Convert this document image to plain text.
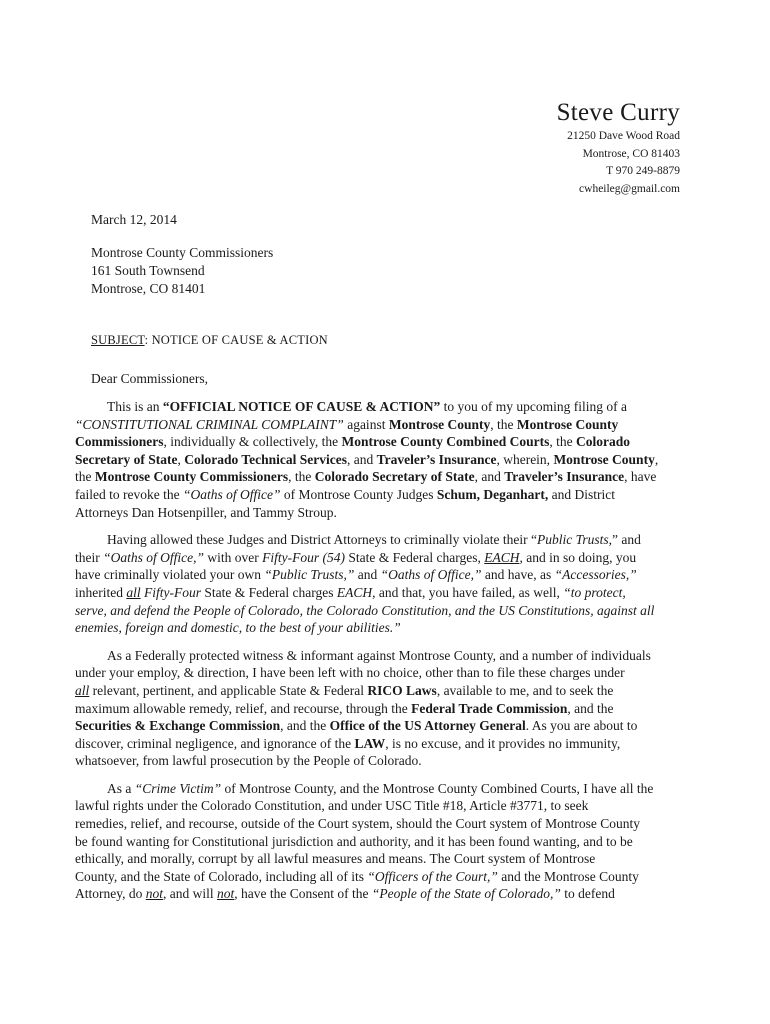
Steve Curry
21250 Dave Wood Road
Montrose, CO 81403
T 970 249-8879
cwheileg@gmail.com
March 12, 2014
Montrose County Commissioners
161 South Townsend
Montrose, CO 81401
SUBJECT: NOTICE OF CAUSE & ACTION
Dear Commissioners,

This is an “OFFICIAL NOTICE OF CAUSE & ACTION” to you of my upcoming filing of a
“CONSTITUTIONAL CRIMINAL COMPLAINT” against Montrose County, the Montrose County
Commissioners, individually & collectively, the Montrose County Combined Courts, the Colorado
Secretary of State, Colorado Technical Services, and Traveler’s Insurance, wherein, Montrose County,
the Montrose County Commissioners, the Colorado Secretary of State, and Traveler’s Insurance, have
failed to revoke the “Oaths of Office” of Montrose County Judges Schum, Deganhart, and District
Attorneys Dan Hotsenpiller, and Tammy Stroup.

Having allowed these Judges and District Attorneys to criminally violate their “Public Trusts,” and
their “Oaths of Office,” with over Fifty-Four (54) State & Federal charges, EACH, and in so doing, you
have criminally violated your own “Public Trusts,” and “Oaths of Office,” and have, as “Accessories,”
inherited all Fifty-Four State & Federal charges EACH, and that, you have failed, as well, “to protect,
serve, and defend the People of Colorado, the Colorado Constitution, and the US Constitutions, against all
enemies, foreign and domestic, to the best of your abilities.”

As a Federally protected witness & informant against Montrose County, and a number of individuals
under your employ, & direction, I have been left with no choice, other than to file these charges under
all relevant, pertinent, and applicable State & Federal RICO Laws, available to me, and to seek the
maximum allowable remedy, relief, and recourse, through the Federal Trade Commission, and the
Securities & Exchange Commission, and the Office of the US Attorney General. As you are about to
discover, criminal negligence, and ignorance of the LAW, is no excuse, and it provides no immunity,
whatsoever, from lawful prosecution by the People of Colorado.

As a “Crime Victim” of Montrose County, and the Montrose County Combined Courts, I have all the
lawful rights under the Colorado Constitution, and under USC Title #18, Article #3771, to seek
remedies, relief, and recourse, outside of the Court system, should the Court system of Montrose County
be found wanting for Constitutional jurisdiction and authority, and it has been found wanting, and to be
ethically, and morally, corrupt by all lawful measures and means. The Court system of Montrose
County, and the State of Colorado, including all of its “Officers of the Court,” and the Montrose County
Attorney, do not, and will not, have the Consent of the “People of the State of Colorado,” to defend
